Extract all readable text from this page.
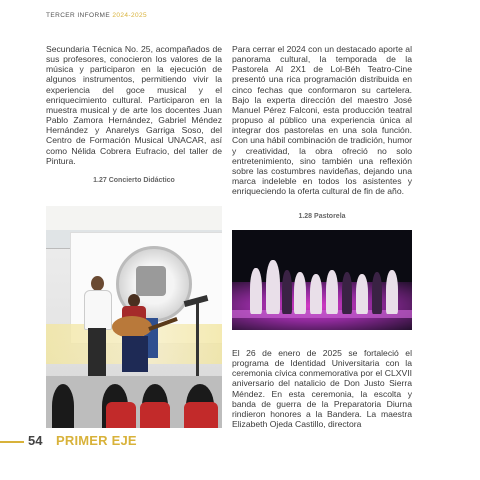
TERCER INFORME 2024-2025

Secundaria Técnica No. 25, acompañados de sus profesores, conocieron los valores de la música y participaron en la ejecución de algunos instrumentos, permitiendo vivir la experiencia del goce musical y el enriquecimiento cultural. Participaron en la muestra musical y de arte los docentes Juan Pablo Zamora Hernández, Gabriel Méndez Hernández y Anarelys Garriga Soso, del Centro de Formación Musical UNACAR, así como Nélida Cobrera Eufracio, del taller de Pintura.

1.27 Concierto Didáctico

Para cerrar el 2024 con un destacado aporte al panorama cultural, la temporada de la Pastorela Al 2X1 de Lol-Béh Teatro-Cine presentó una rica programación distribuida en cinco fechas que conformaron su cartelera. Bajo la experta dirección del maestro José Manuel Pérez Falconi, esta producción teatral propuso al público una experiencia única al integrar dos pastorelas en una sola función. Con una hábil combinación de tradición, humor y creatividad, la obra ofreció no solo entretenimiento, sino también una reflexión sobre las costumbres navideñas, dejando una marca indeleble en todos los asistentes y enriqueciendo la oferta cultural de fin de año.

1.28 Pastorela

El 26 de enero de 2025 se fortaleció el programa de Identidad Universitaria con la ceremonia cívica conmemorativa por el CLXVII aniversario del natalicio de Don Justo Sierra Méndez. En esta ceremonia, la escolta y banda de guerra de la Preparatoria Diurna rindieron honores a la Bandera. La maestra Elizabeth Ojeda Castillo, directora

54 PRIMER EJE
